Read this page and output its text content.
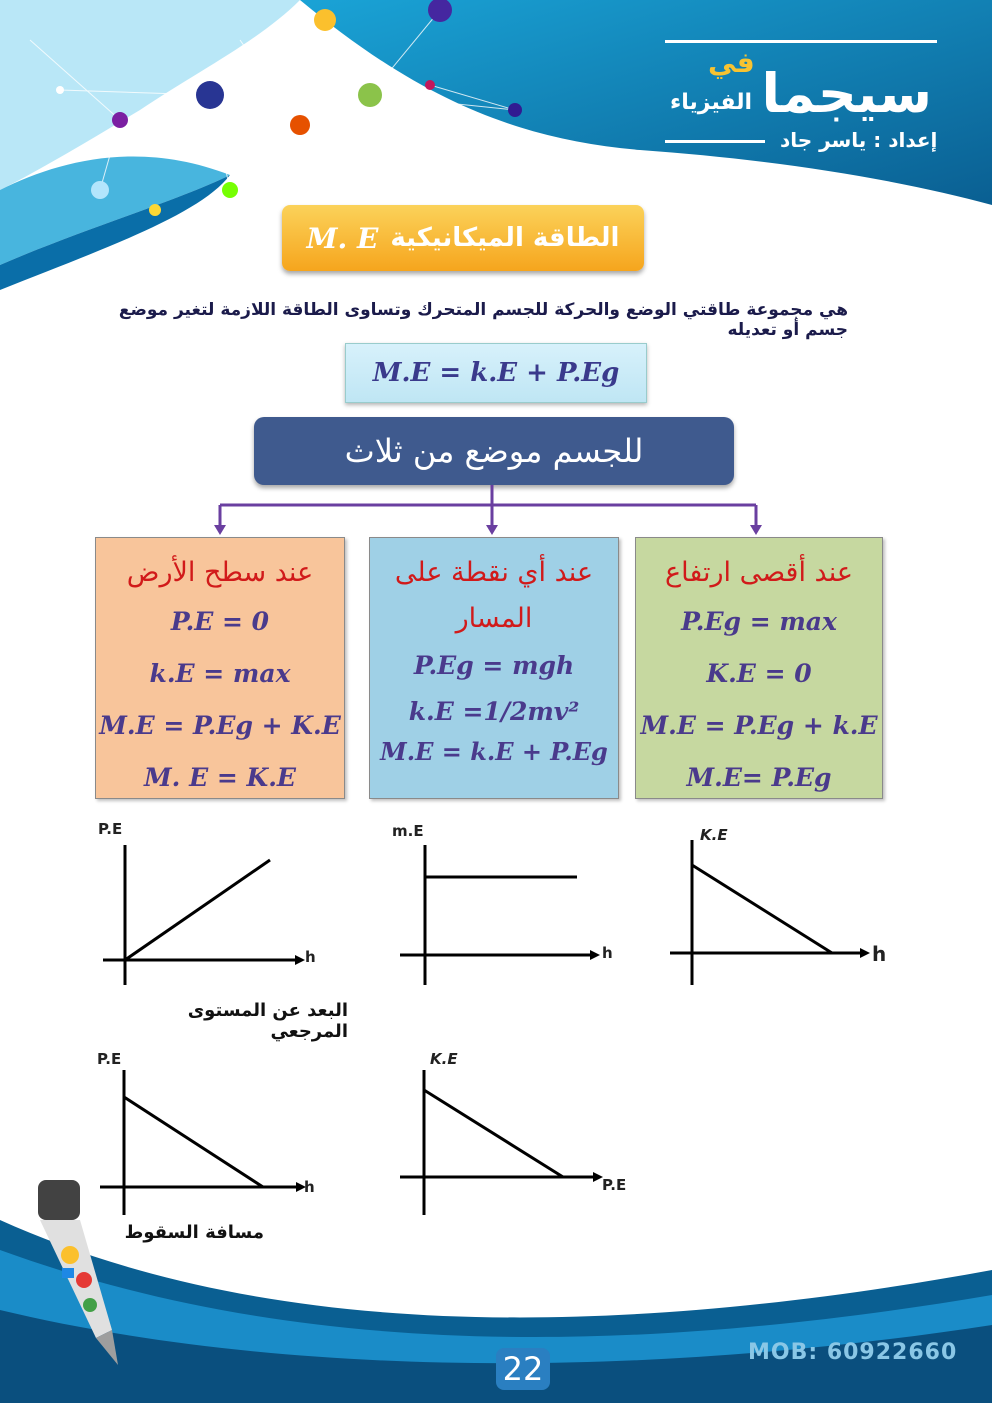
سيجما
في
الفيزياء
إعداد : ياسر جاد
الطاقة الميكانيكية
M. E
هي مجموعة طاقتي الوضع والحركة للجسم المتحرك وتساوى الطاقة اللازمة لتغير موضع جسم أو تعديله
M.E = k.E + P.Eg
للجسم موضع من ثلاث
عند سطح الأرض
P.E = 0
k.E = max
M.E = P.Eg + K.E
M. E = K.E
عند أي نقطة على المسار
P.Eg = mgh
k.E =1/2mv²
M.E = k.E + P.Eg
عند أقصى ارتفاع
P.Eg = max
K.E = 0
M.E = P.Eg + k.E
M.E= P.Eg
P.E
h
m.E
h
K.E
h
البعد عن المستوى المرجعي
P.E
h
K.E
P.E
مسافة السقوط
MOB: 60922660
22
